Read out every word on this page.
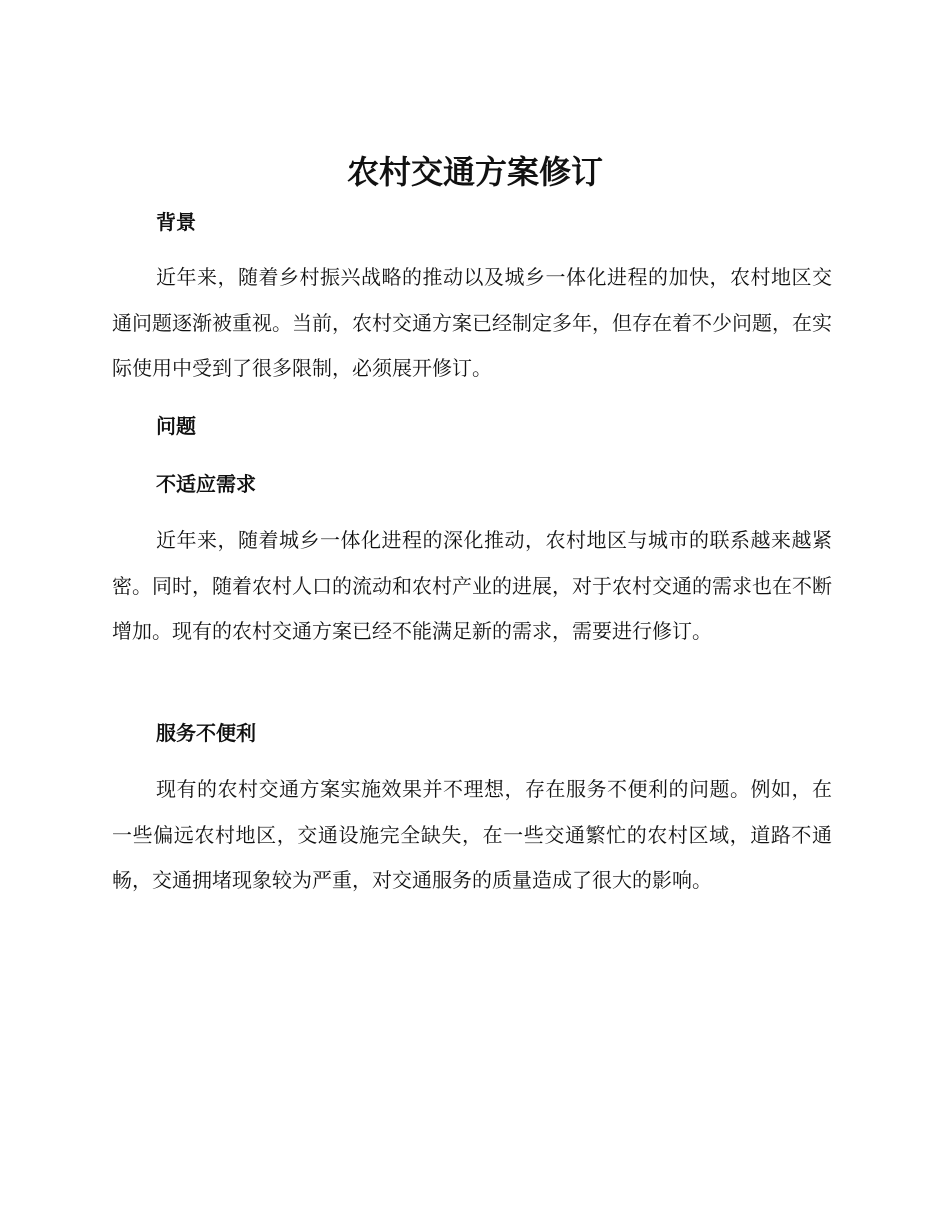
农村交通方案修订
背景

近年来，随着乡村振兴战略的推动以及城乡一体化进程的加快，农村地区交通问题逐渐被重视。当前，农村交通方案已经制定多年，但存在着不少问题，在实际使用中受到了很多限制，必须展开修订。

问题
不适应需求

近年来，随着城乡一体化进程的深化推动，农村地区与城市的联系越来越紧密。同时，随着农村人口的流动和农村产业的进展，对于农村交通的需求也在不断增加。现有的农村交通方案已经不能满足新的需求，需要进行修订。

服务不便利

现有的农村交通方案实施效果并不理想，存在服务不便利的问题。例如，在一些偏远农村地区，交通设施完全缺失，在一些交通繁忙的农村区域，道路不通畅，交通拥堵现象较为严重，对交通服务的质量造成了很大的影响。
